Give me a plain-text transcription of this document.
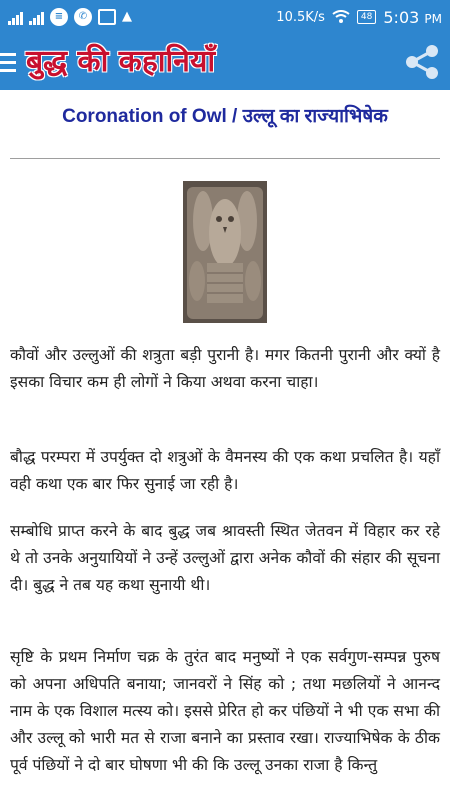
≡	✆	▲	10.5K/s	48 5:03 PM
बुद्ध की कहानियाँ
Coronation of Owl / उल्लू का राज्याभिषेक

कौवों और उल्लुओं की शत्रुता बड़ी पुरानी है। मगर कितनी पुरानी और क्यों है इसका विचार कम ही लोगों ने किया अथवा करना चाहा।

बौद्ध परम्परा में उपर्युक्त दो शत्रुओं के वैमनस्य की एक कथा प्रचलित है। यहाँ वही कथा एक बार फिर सुनाई जा रही है।

सम्बोधि प्राप्त करने के बाद बुद्ध जब श्रावस्ती स्थित जेतवन में विहार कर रहे थे तो उनके अनुयायियों ने उन्हें उल्लुओं द्वारा अनेक कौवों की संहार की सूचना दी। बुद्ध ने तब यह कथा सुनायी थी।

सृष्टि के प्रथम निर्माण चक्र के तुरंत बाद मनुष्यों ने एक सर्वगुण-सम्पन्न पुरुष को अपना अधिपति बनाया; जानवरों ने सिंह को ; तथा मछलियों ने आनन्द नाम के एक विशाल मत्स्य को। इससे प्रेरित हो कर पंछियों ने भी एक सभा की और उल्लू को भारी मत से राजा बनाने का प्रस्ताव रखा। राज्याभिषेक के ठीक पूर्व पंछियों ने दो बार घोषणा भी की कि उल्लू उनका राजा है किन्तु
